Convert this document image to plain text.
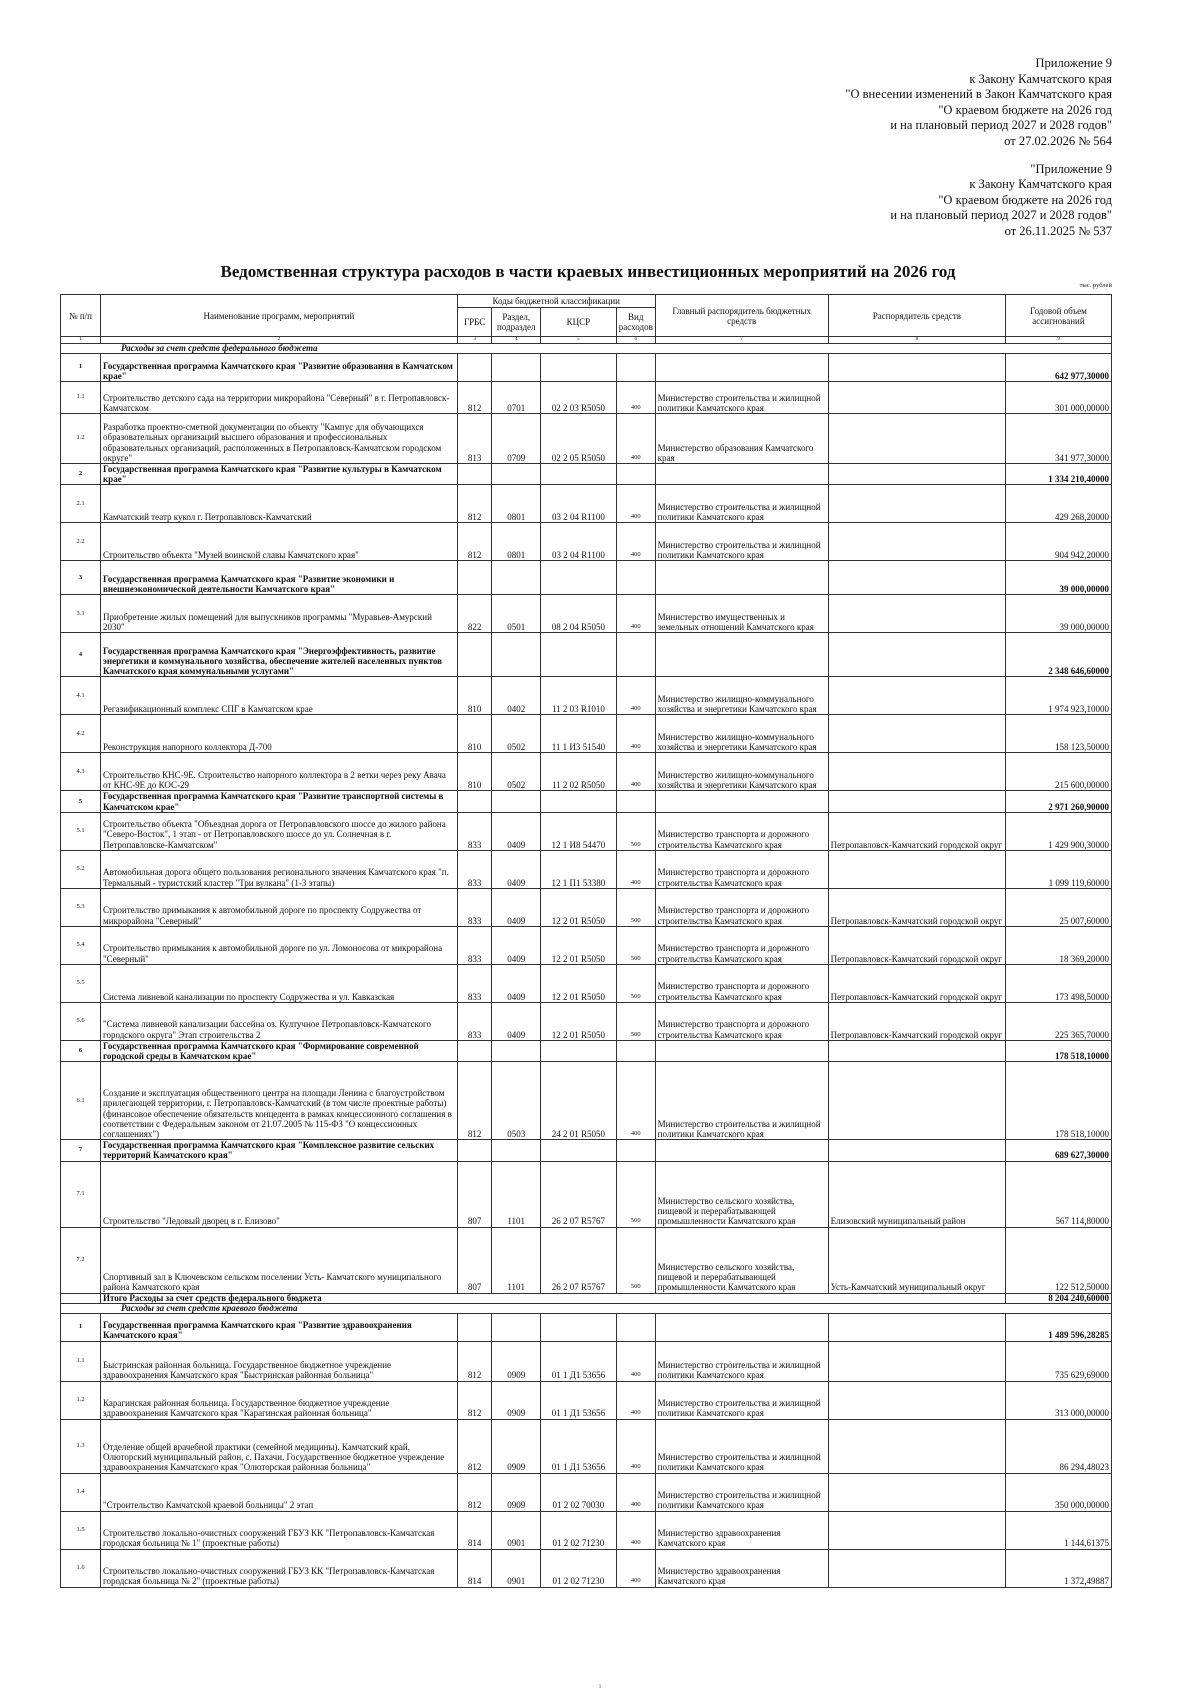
Приложение 9
к Закону Камчатского края
"О внесении изменений в Закон Камчатского края
"О краевом бюджете на 2026 год
и на плановый период 2027 и 2028 годов"
от 27.02.2026 № 564
"Приложение 9
к Закону Камчатского края
"О краевом бюджете на 2026 год
и на плановый период 2027 и 2028 годов"
от 26.11.2025 № 537
Ведомственная структура расходов в части краевых инвестиционных мероприятий на 2026 год
тыс. рублей
№ п/п	Наименование программ, мероприятий	Коды бюджетной классификации				Главный распорядитель бюджетных средств	Распорядитель средств	Годовой объем ассигнований
		ГРБС	Раздел, подраздел	КЦСР	Вид расходов			
1	2	3	4	5	6	7	8	9
Расходы за счет средств федерального бюджета								
1	Государственная программа Камчатского края "Развитие образования в Камчатском крае"							642 977,30000
1.1	Строительство детского сада на территории микрорайона "Северный" в г. Петропавловск-Камчатском	812	0701	02 2 03 R5050	400	Министерство строительства и жилищной политики Камчатского края		301 000,00000
1.2	Разработка проектно-сметной документации по объекту "Кампус для обучающихся образовательных организаций высшего образования и профессиональных образовательных организаций, расположенных в Петропавловск-Камчатском городском округе"	813	0709	02 2 05 R5050	400	Министерство образования Камчатского края		341 977,30000
2	Государственная программа Камчатского края "Развитие культуры в Камчатском крае"							1 334 210,40000
2.1	Камчатский театр кукол г. Петропавловск-Камчатский	812	0801	03 2 04 R1100	400	Министерство строительства и жилищной политики Камчатского края		429 268,20000
2.2	Строительство объекта "Музей воинской славы Камчатского края"	812	0801	03 2 04 R1100	400	Министерство строительства и жилищной политики Камчатского края		904 942,20000
3	Государственная программа Камчатского края "Развитие экономики и внешнеэкономической деятельности Камчатского края"							39 000,00000
3.1	Приобретение жилых помещений для выпускников программы "Муравьев-Амурский 2030"	822	0501	08 2 04 R5050	400	Министерство имущественных и земельных отношений Камчатского края		39 000,00000
4	Государственная программа Камчатского края "Энергоэффективность, развитие энергетики и коммунального хозяйства, обеспечение жителей населенных пунктов Камчатского края коммунальными услугами"							2 348 646,60000
4.1	Регазификационный комплекс СПГ в Камчатском крае	810	0402	11 2 03 R1010	400	Министерство жилищно-коммунального хозяйства и энергетики Камчатского края		1 974 923,10000
4.2	Реконструкция напорного коллектора Д-700	810	0502	11 1 И3 51540	400	Министерство жилищно-коммунального хозяйства и энергетики Камчатского края		158 123,50000
4.3	Строительство КНС-9Е. Строительство напорного коллектора в 2 ветки через реку Авача от КНС-9Е до КОС-29	810	0502	11 2 02 R5050	400	Министерство жилищно-коммунального хозяйства и энергетики Камчатского края		215 600,00000
5	Государственная программа Камчатского края "Развитие транспортной системы в Камчатском крае"							2 971 260,90000
5.1	Строительство объекта "Объездная дорога от Петропавловского шоссе до жилого района "Северо-Восток", 1 этап - от Петропавловского шоссе до ул. Солнечная в г. Петропавловске-Камчатском"	833	0409	12 1 И8 54470	500	Министерство транспорта и дорожного строительства Камчатского края	Петропавловск-Камчатский городской округ	1 429 900,30000
5.2	Автомобильная дорога общего пользования регионального значения Камчатского края "п. Термальный - туристский кластер "Три вулкана" (1-3 этапы)	833	0409	12 1 П1 53380	400	Министерство транспорта и дорожного строительства Камчатского края		1 099 119,60000
5.3	Строительство примыкания к автомобильной дороге по проспекту Содружества от микрорайона "Северный"	833	0409	12 2 01 R5050	500	Министерство транспорта и дорожного строительства Камчатского края	Петропавловск-Камчатский городской округ	25 007,60000
5.4	Строительство примыкания к автомобильной дороге по ул. Ломоносова от микрорайона "Северный"	833	0409	12 2 01 R5050	500	Министерство транспорта и дорожного строительства Камчатского края	Петропавловск-Камчатский городской округ	18 369,20000
5.5	Система ливневой канализации по проспекту Содружества и ул. Кавказская	833	0409	12 2 01 R5050	500	Министерство транспорта и дорожного строительства Камчатского края	Петропавловск-Камчатский городской округ	173 498,50000
5.6	"Система ливневой канализации бассейна оз. Култучное Петропавловск-Камчатского городского округа" Этап строительства 2	833	0409	12 2 01 R5050	500	Министерство транспорта и дорожного строительства Камчатского края	Петропавловск-Камчатский городской округ	225 365,70000
6	Государственная программа Камчатского края "Формирование современной городской среды в Камчатском крае"							178 518,10000
6.1	Создание и эксплуатация общественного центра на площади Ленина с благоустройством прилегающей территории, г. Петропавловск-Камчатский (в том числе проектные работы) (финансовое обеспечение обязательств концедента в рамках концессионного соглашения в соответствии с Федеральным законом от 21.07.2005 № 115-ФЗ "О концессионных соглашениях")	812	0503	24 2 01 R5050	400	Министерство строительства и жилищной политики Камчатского края		178 518,10000
7	Государственная программа Камчатского края "Комплексное развитие сельских территорий Камчатского края"							689 627,30000
7.1	Строительство "Ледовый дворец в г. Елизово"	807	1101	26 2 07 R5767	500	Министерство сельского хозяйства, пищевой и перерабатывающей промышленности Камчатского края	Елизовский муниципальный район	567 114,80000
7.2	Спортивный зал в Ключевском сельском поселении Усть- Камчатского муниципального района Камчатского края	807	1101	26 2 07 R5767	500	Министерство сельского хозяйства, пищевой и перерабатывающей промышленности Камчатского края	Усть-Камчатский муниципальный округ	122 512,50000
	Итого Расходы за счет средств федерального бюджета							8 204 240,60000
Расходы за счет средств краевого бюджета								
1	Государственная программа Камчатского края "Развитие здравоохранения Камчатского края"							1 489 596,28285
1.1	Быстринская районная больница. Государственное бюджетное учреждение здравоохранения Камчатского края "Быстринская районная больница"	812	0909	01 1 Д1 53656	400	Министерство строительства и жилищной политики Камчатского края		735 629,69000
1.2	Карагинская районная больница. Государственное бюджетное учреждение здравоохранения Камчатского края "Карагинская районная больница"	812	0909	01 1 Д1 53656	400	Министерство строительства и жилищной политики Камчатского края		313 000,00000
1.3	Отделение общей врачебной практики (семейной медицины). Камчатский край, Олюторский муниципальный район, с. Пахачи. Государственное бюджетное учреждение здравоохранения Камчатского края "Олюторская районная больница"	812	0909	01 1 Д1 53656	400	Министерство строительства и жилищной политики Камчатского края		86 294,48023
1.4	"Строительство Камчатской краевой больницы" 2 этап	812	0909	01 2 02 70030	400	Министерство строительства и жилищной политики Камчатского края		350 000,00000
1.5	Строительство локально-очистных сооружений ГБУЗ КК "Петропавловск-Камчатская городская больница № 1" (проектные работы)	814	0901	01 2 02 71230	400	Министерство здравоохранения Камчатского края		1 144,61375
1.6	Строительство локально-очистных сооружений ГБУЗ КК "Петропавловск-Камчатская городская больница № 2" (проектные работы)	814	0901	01 2 02 71230	400	Министерство здравоохранения Камчатского края		1 372,49887
1
